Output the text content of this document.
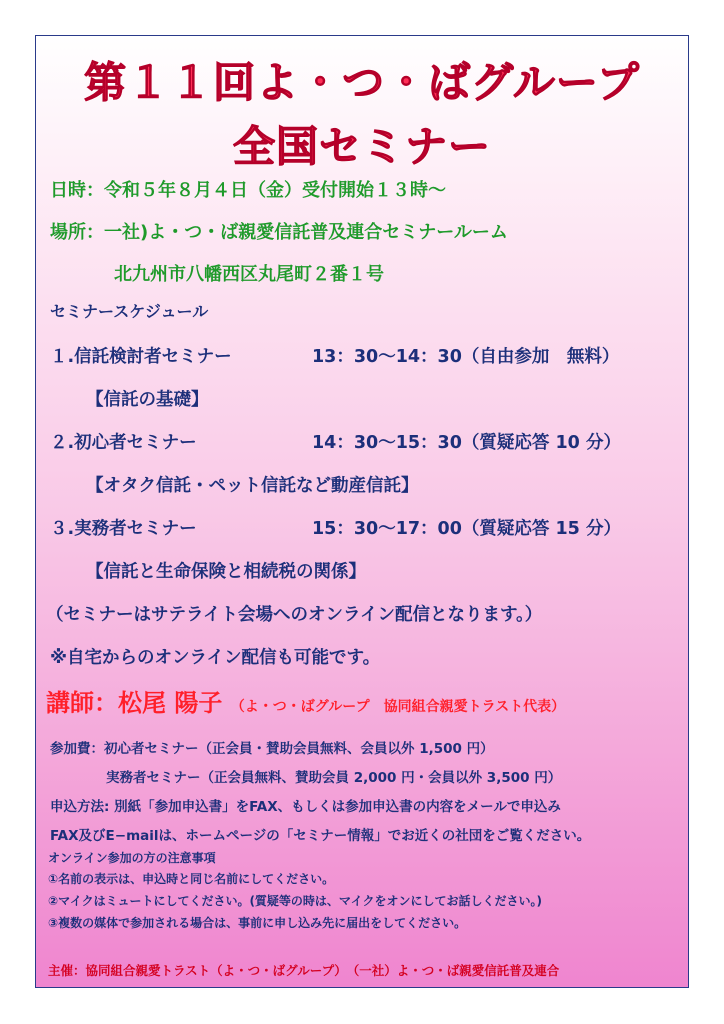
第１１回よ・つ・ばグループ
全国セミナー
日時：令和５年８月４日（金）受付開始１３時〜
場所：一社)よ・つ・ば親愛信託普及連合セミナールーム
北九州市八幡西区丸尾町２番１号
セミナースケジュール
１.信託検討者セミナー	13：30〜14：30（自由参加　無料）
【信託の基礎】
２.初心者セミナー	14：30〜15：30（質疑応答 10 分）
【オタク信託・ペット信託など動産信託】
３.実務者セミナー	15：30〜17：00（質疑応答 15 分）
【信託と生命保険と相続税の関係】
（セミナーはサテライト会場へのオンライン配信となります。）
※自宅からのオンライン配信も可能です。
講師：松尾 陽子 （よ・つ・ばグループ　協同組合親愛トラスト代表）
参加費：初心者セミナー（正会員・賛助会員無料、会員以外 1,500 円）
実務者セミナー（正会員無料、賛助会員 2,000 円・会員以外 3,500 円）
申込方法: 別紙「参加申込書」をFAX、もしくは参加申込書の内容をメールで申込み
FAX及びE−mailは、ホームページの「セミナー情報」でお近くの社団をご覧ください。
オンライン参加の方の注意事項
①名前の表示は、申込時と同じ名前にしてください。
②マイクはミュートにしてください。(質疑等の時は、マイクをオンにしてお話しください。)
③複数の媒体で参加される場合は、事前に申し込み先に届出をしてください。
主催：協同組合親愛トラスト（よ・つ・ばグループ）　（一社）よ・つ・ば親愛信託普及連合
